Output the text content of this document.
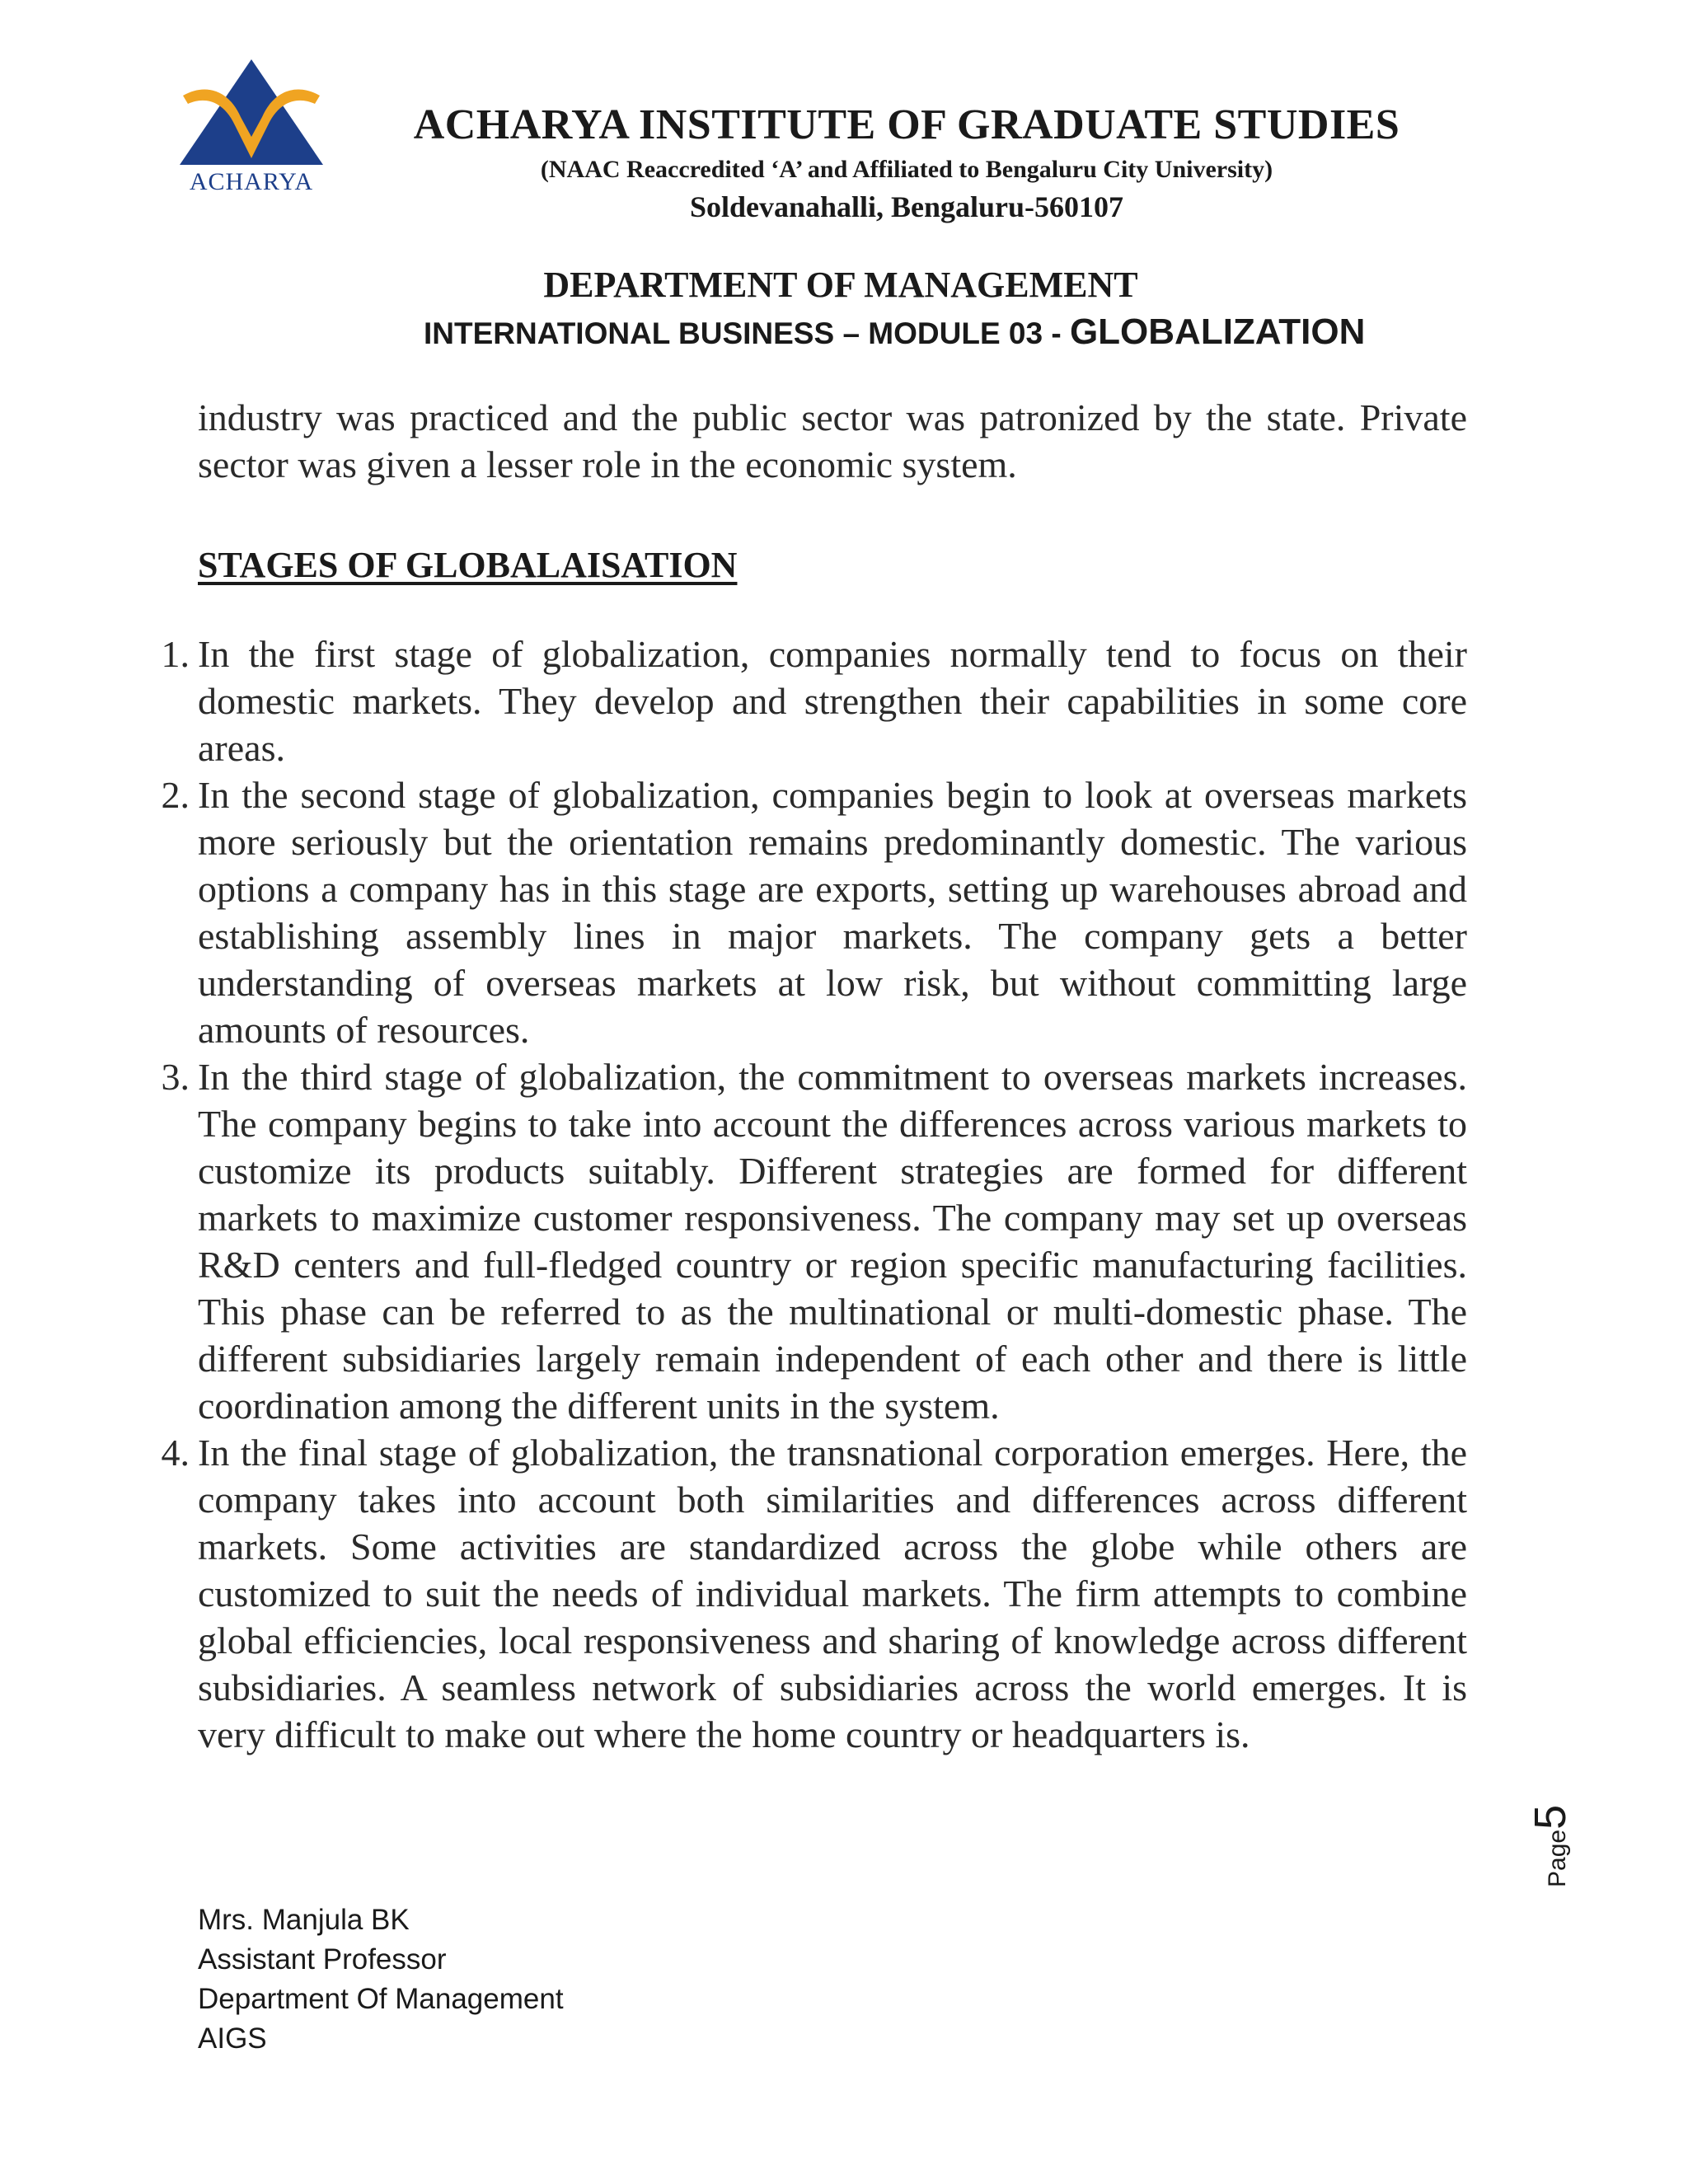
ACHARYA
ACHARYA INSTITUTE OF GRADUATE STUDIES
(NAAC Reaccredited ‘A’ and Affiliated to Bengaluru City University)
Soldevanahalli, Bengaluru-560107
DEPARTMENT OF MANAGEMENT
INTERNATIONAL BUSINESS – MODULE 03 - GLOBALIZATION
industry was practiced and the public sector was patronized by the state. Private sector was given a lesser role in the economic system.
STAGES OF GLOBALAISATION
1. In the first stage of globalization, companies normally tend to focus on their domestic markets. They develop and strengthen their capabilities in some core areas.
2. In the second stage of globalization, companies begin to look at overseas markets more seriously but the orientation remains predominantly domestic. The various options a company has in this stage are exports, setting up warehouses abroad and establishing assembly lines in major markets. The company gets a better understanding of overseas markets at low risk, but without committing large amounts of resources.
3. In the third stage of globalization, the commitment to overseas markets increases. The company begins to take into account the differences across various markets to customize its products suitably. Different strategies are formed for different markets to maximize customer responsiveness. The company may set up overseas R&D centers and full-fledged country or region specific manufacturing facilities. This phase can be referred to as the multinational or multi-domestic phase. The different subsidiaries largely remain independent of each other and there is little coordination among the different units in the system.
4. In the final stage of globalization, the transnational corporation emerges. Here, the company takes into account both similarities and differences across different markets. Some activities are standardized across the globe while others are customized to suit the needs of individual markets. The firm attempts to combine global efficiencies, local responsiveness and sharing of knowledge across different subsidiaries. A seamless network of subsidiaries across the world emerges. It is very difficult to make out where the home country or headquarters is.
Mrs. Manjula BK
Assistant Professor
Department Of Management
AIGS
Page5
